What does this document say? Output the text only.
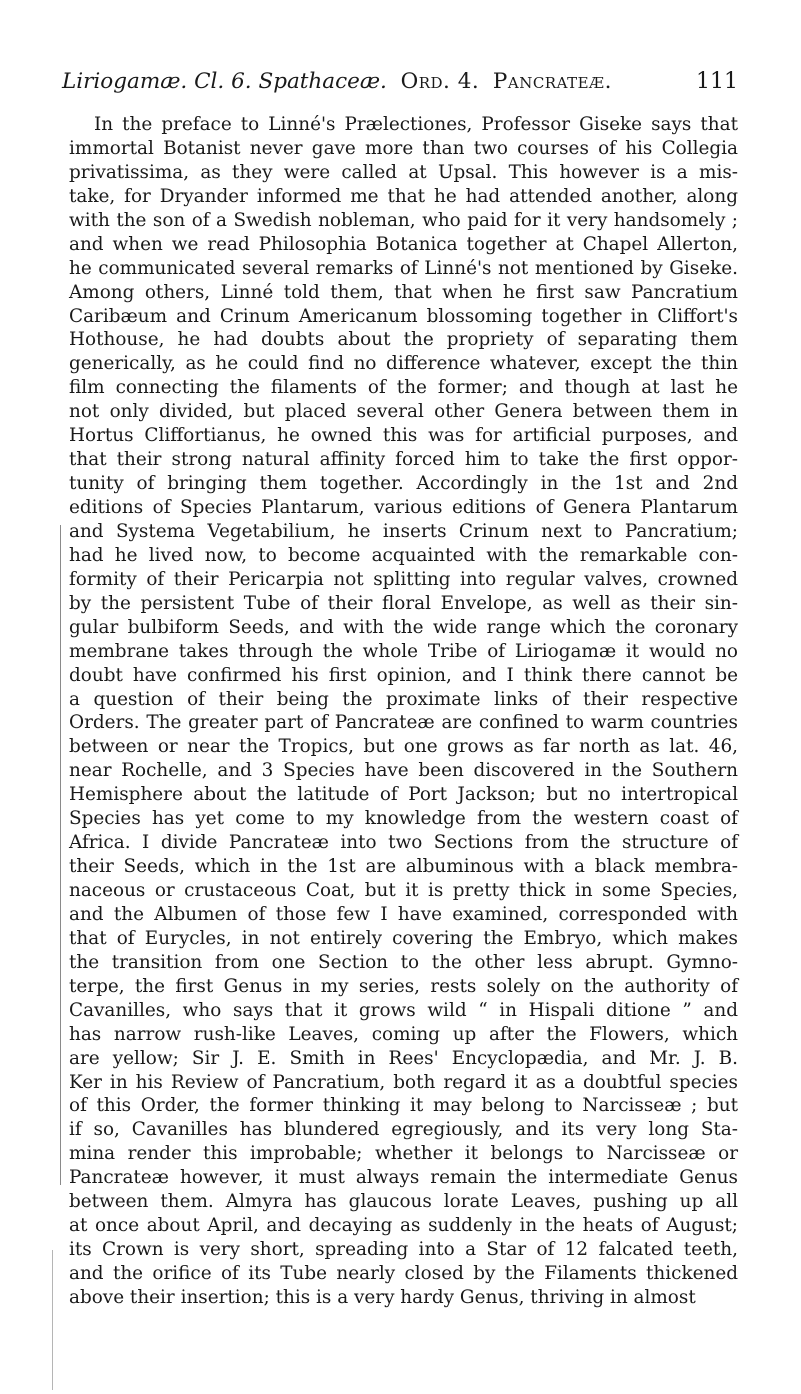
Liriogamæ. Cl. 6. Spathaceæ. Ord. 4. Pancrateæ.	111
In the preface to Linné's Prælectiones, Professor Giseke says that
immortal Botanist never gave more than two courses of his Collegia
privatissima, as they were called at Upsal. This however is a mis-
take, for Dryander informed me that he had attended another, along
with the son of a Swedish nobleman, who paid for it very handsomely ;
and when we read Philosophia Botanica together at Chapel Allerton,
he communicated several remarks of Linné's not mentioned by Giseke.
Among others, Linné told them, that when he first saw Pancratium
Caribæum and Crinum Americanum blossoming together in Cliffort's
Hothouse, he had doubts about the propriety of separating them
generically, as he could find no difference whatever, except the thin
film connecting the filaments of the former; and though at last he
not only divided, but placed several other Genera between them in
Hortus Cliffortianus, he owned this was for artificial purposes, and
that their strong natural affinity forced him to take the first oppor-
tunity of bringing them together. Accordingly in the 1st and 2nd
editions of Species Plantarum, various editions of Genera Plantarum
and Systema Vegetabilium, he inserts Crinum next to Pancratium;
had he lived now, to become acquainted with the remarkable con-
formity of their Pericarpia not splitting into regular valves, crowned
by the persistent Tube of their floral Envelope, as well as their sin-
gular bulbiform Seeds, and with the wide range which the coronary
membrane takes through the whole Tribe of Liriogamæ it would no
doubt have confirmed his first opinion, and I think there cannot be
a question of their being the proximate links of their respective
Orders. The greater part of Pancrateæ are confined to warm countries
between or near the Tropics, but one grows as far north as lat. 46,
near Rochelle, and 3 Species have been discovered in the Southern
Hemisphere about the latitude of Port Jackson; but no intertropical
Species has yet come to my knowledge from the western coast of
Africa. I divide Pancrateæ into two Sections from the structure of
their Seeds, which in the 1st are albuminous with a black membra-
naceous or crustaceous Coat, but it is pretty thick in some Species,
and the Albumen of those few I have examined, corresponded with
that of Eurycles, in not entirely covering the Embryo, which makes
the transition from one Section to the other less abrupt. Gymno-
terpe, the first Genus in my series, rests solely on the authority of
Cavanilles, who says that it grows wild “ in Hispali ditione ” and
has narrow rush-like Leaves, coming up after the Flowers, which
are yellow; Sir J. E. Smith in Rees' Encyclopædia, and Mr. J. B.
Ker in his Review of Pancratium, both regard it as a doubtful species
of this Order, the former thinking it may belong to Narcisseæ ; but
if so, Cavanilles has blundered egregiously, and its very long Sta-
mina render this improbable; whether it belongs to Narcisseæ or
Pancrateæ however, it must always remain the intermediate Genus
between them. Almyra has glaucous lorate Leaves, pushing up all
at once about April, and decaying as suddenly in the heats of August;
its Crown is very short, spreading into a Star of 12 falcated teeth,
and the orifice of its Tube nearly closed by the Filaments thickened
above their insertion; this is a very hardy Genus, thriving in almost
